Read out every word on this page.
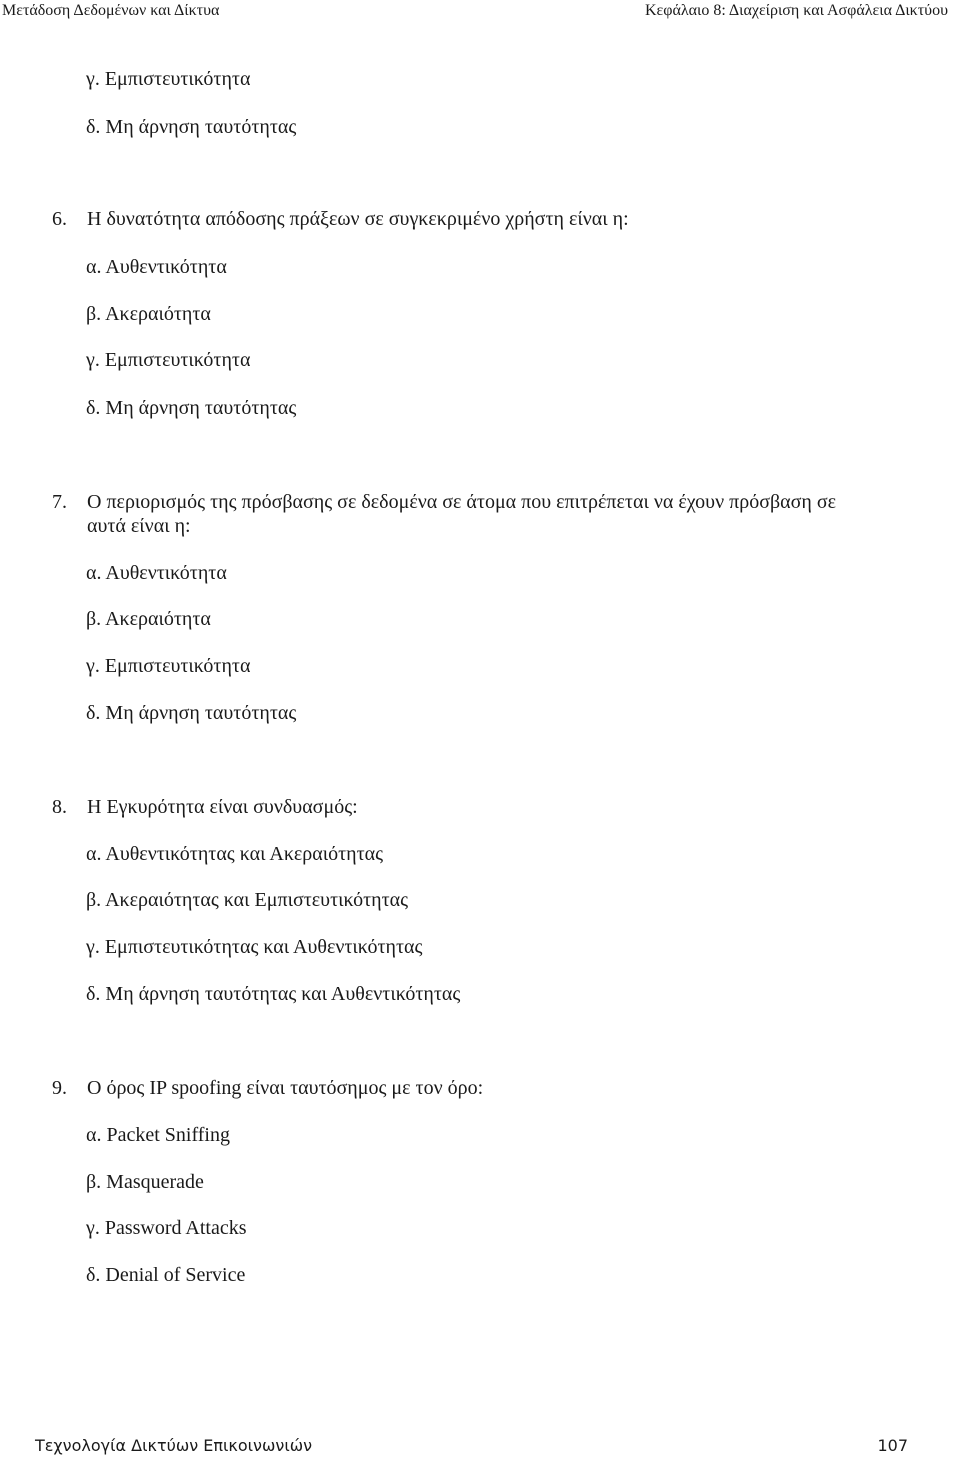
Μετάδοση Δεδομένων και Δίκτυα	Κεφάλαιο 8: Διαχείριση και Ασφάλεια Δικτύου
γ. Εμπιστευτικότητα
δ. Μη άρνηση ταυτότητας
6. Η δυνατότητα απόδοσης πράξεων σε συγκεκριμένο χρήστη είναι η:
α. Αυθεντικότητα
β. Ακεραιότητα
γ. Εμπιστευτικότητα
δ. Μη άρνηση ταυτότητας
7. Ο περιορισμός της πρόσβασης σε δεδομένα σε άτομα που επιτρέπεται να έχουν πρόσβαση σε
αυτά είναι η:
α. Αυθεντικότητα
β. Ακεραιότητα
γ. Εμπιστευτικότητα
δ. Μη άρνηση ταυτότητας
8. Η Εγκυρότητα είναι συνδυασμός:
α. Αυθεντικότητας και Ακεραιότητας
β. Ακεραιότητας και Εμπιστευτικότητας
γ. Εμπιστευτικότητας και Αυθεντικότητας
δ. Μη άρνηση ταυτότητας και Αυθεντικότητας
9. Ο όρος IP spoofing είναι ταυτόσημος με τον όρο:
α. Packet Sniffing
β. Masquerade
γ. Password Attacks
δ. Denial of Service
Τεχνολογία Δικτύων Επικοινωνιών	107
